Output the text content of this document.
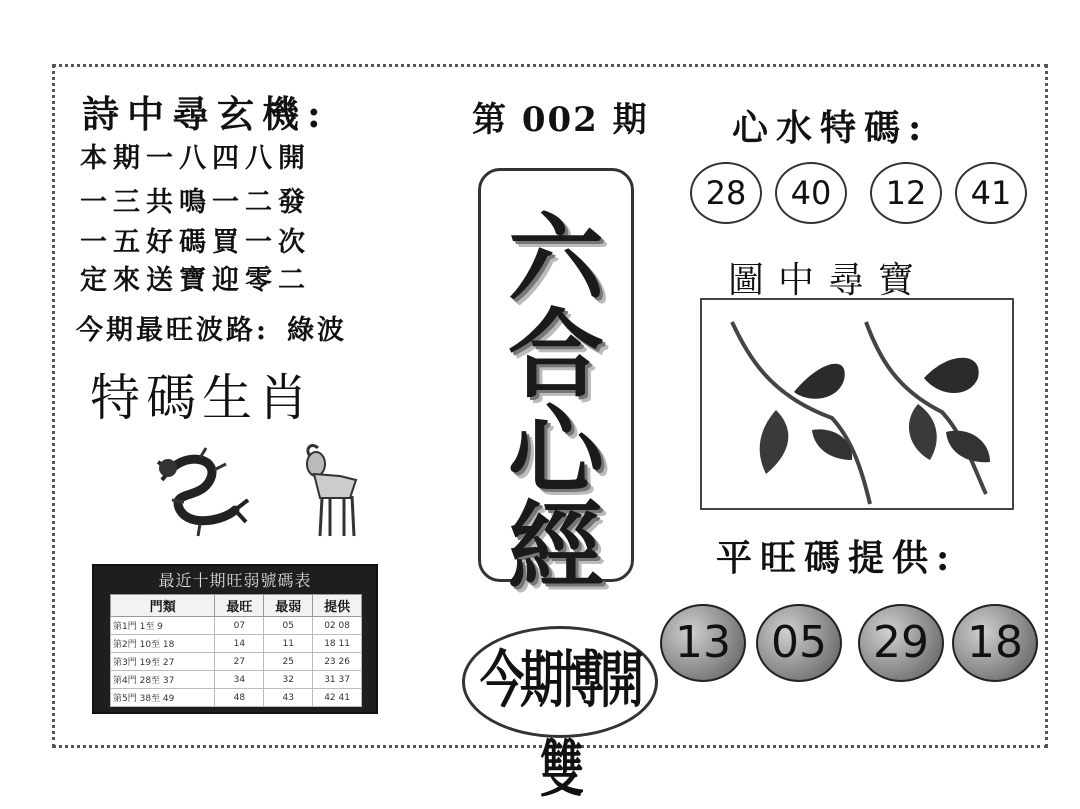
詩中尋玄機:
本期一八四八開
一三共鳴一二發
一五好碼買一次
定來送寶迎零二
今期最旺波路: 綠波
特碼生肖
最近十期旺弱號碼表
門類	最旺	最弱	提供
第1門 1至 9	07	05	02 08
第2門 10至 18	14	11	18 11
第3門 19至 27	27	25	23 26
第4門 28至 37	34	32	31 37
第5門 38至 49	48	43	42 41
第 002 期
六
合
心
經
今期博開雙
心水特碼:
28	40	12	41
圖中尋寶
平旺碼提供:
13 05	29 18
